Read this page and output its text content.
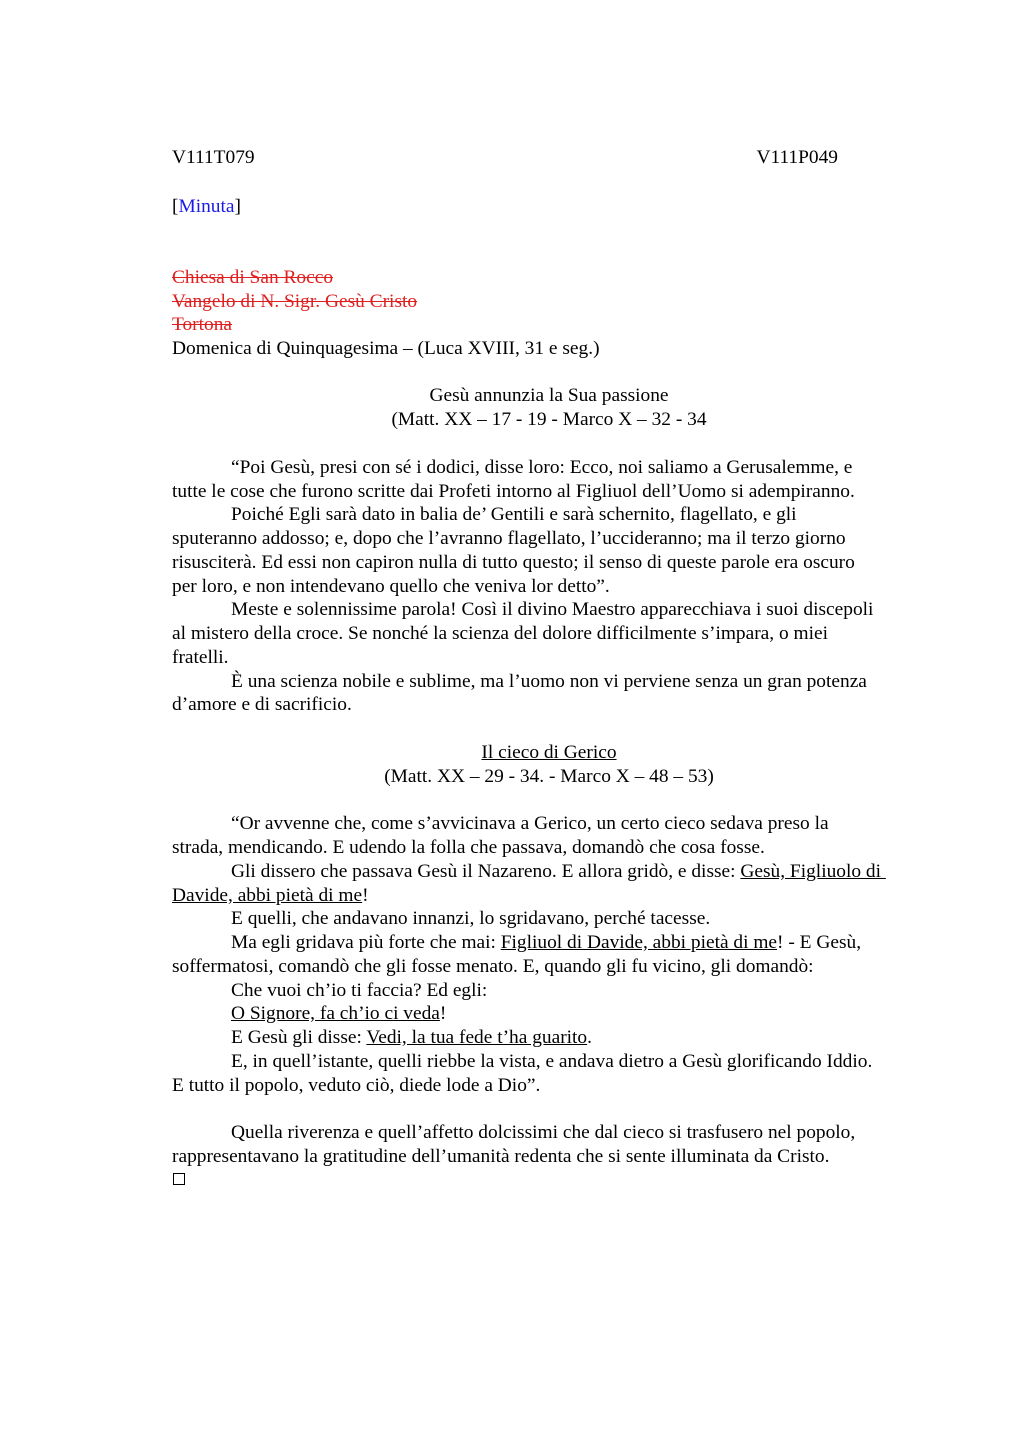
V111T079	V111P049
[Minuta]
Chiesa di San Rocco
Vangelo di N. Sigr. Gesù Cristo
Tortona
Domenica di Quinquagesima – (Luca XVIII, 31 e seg.)
Gesù annunzia la Sua passione
(Matt. XX – 17 - 19 - Marco X – 32 - 34
“Poi Gesù, presi con sé i dodici, disse loro: Ecco, noi saliamo a Gerusalemme, e
tutte le cose che furono scritte dai Profeti intorno al Figliuol dell’Uomo si adempiranno.
Poiché Egli sarà dato in balia de’ Gentili e sarà schernito, flagellato, e gli
sputeranno addosso; e, dopo che l’avranno flagellato, l’uccideranno; ma il terzo giorno
risusciterà. Ed essi non capiron nulla di tutto questo; il senso di queste parole era oscuro
per loro, e non intendevano quello che veniva lor detto”.
Meste e solennissime parola! Così il divino Maestro apparecchiava i suoi discepoli
al mistero della croce. Se nonché la scienza del dolore difficilmente s’impara, o miei
fratelli.
È una scienza nobile e sublime, ma l’uomo non vi perviene senza un gran potenza
d’amore e di sacrificio.
Il cieco di Gerico
(Matt. XX – 29 - 34. - Marco X – 48 – 53)
“Or avvenne che, come s’avvicinava a Gerico, un certo cieco sedava preso la
strada, mendicando. E udendo la folla che passava, domandò che cosa fosse.
Gli dissero che passava Gesù il Nazareno. E allora gridò, e disse: Gesù, Figliuolo di
Davide, abbi pietà di me!
E quelli, che andavano innanzi, lo sgridavano, perché tacesse.
Ma egli gridava più forte che mai: Figliuol di Davide, abbi pietà di me! - E Gesù,
soffermatosi, comandò che gli fosse menato. E, quando gli fu vicino, gli domandò:
Che vuoi ch’io ti faccia? Ed egli:
O Signore, fa ch’io ci veda!
E Gesù gli disse: Vedi, la tua fede t’ha guarito.
E, in quell’istante, quelli riebbe la vista, e andava dietro a Gesù glorificando Iddio.
E tutto il popolo, veduto ciò, diede lode a Dio”.
Quella riverenza e quell’affetto dolcissimi che dal cieco si trasfusero nel popolo,
rappresentavano la gratitudine dell’umanità redenta che si sente illuminata da Cristo.
